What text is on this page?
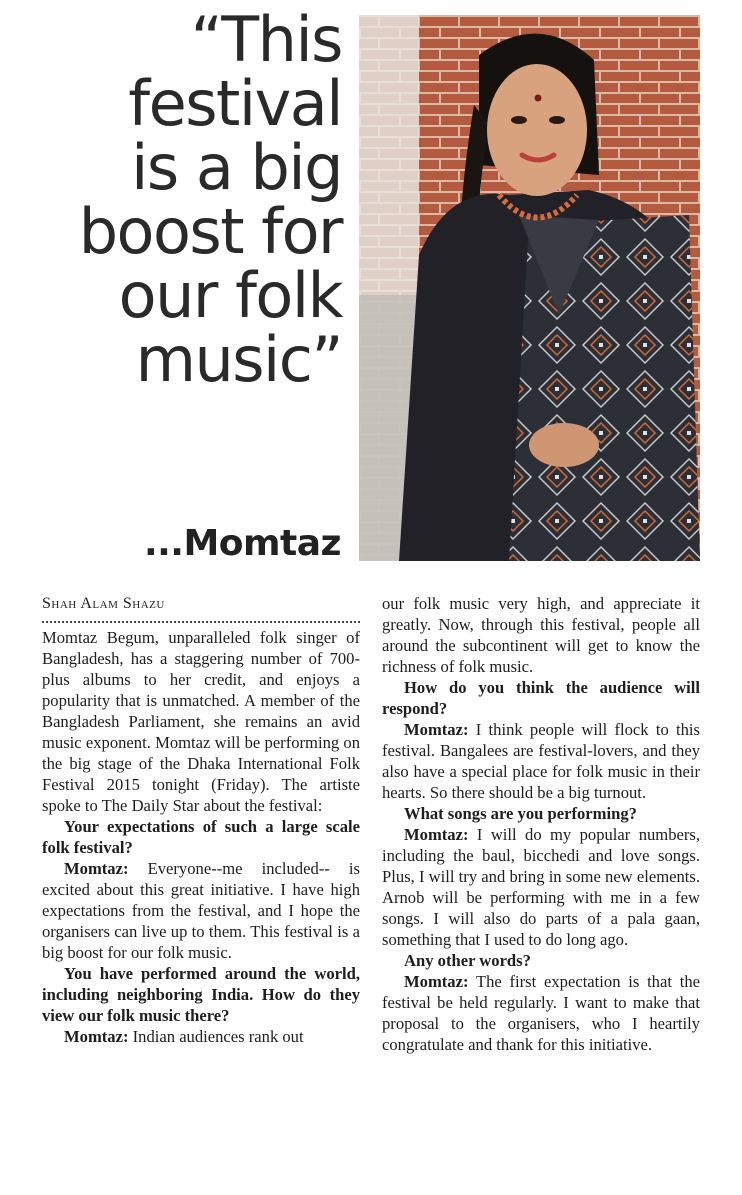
“This
festival
is a big
boost for
our folk
music”
...Momtaz
Shah Alam Shazu

Momtaz Begum, unparalleled folk singer of Bangladesh, has a staggering number of 700-plus albums to her credit, and enjoys a popularity that is unmatched. A member of the Bangladesh Parliament, she remains an avid music exponent. Momtaz will be performing on the big stage of the Dhaka International Folk Festival 2015 tonight (Friday). The artiste spoke to The Daily Star about the festival:

Your expectations of such a large scale folk festival?

Momtaz: Everyone--me included-- is excited about this great initiative. I have high expectations from the festival, and I hope the organisers can live up to them. This festival is a big boost for our folk music.

You have performed around the world, including neighboring India. How do they view our folk music there?

Momtaz: Indian audiences rank out

our folk music very high, and appreciate it greatly. Now, through this festival, people all around the subcontinent will get to know the richness of folk music.

How do you think the audience will respond?

Momtaz: I think people will flock to this festival. Bangalees are festival-lovers, and they also have a special place for folk music in their hearts. So there should be a big turnout.

What songs are you performing?

Momtaz: I will do my popular numbers, including the baul, bicchedi and love songs. Plus, I will try and bring in some new elements. Arnob will be performing with me in a few songs. I will also do parts of a pala gaan, something that I used to do long ago.

Any other words?

Momtaz: The first expectation is that the festival be held regularly. I want to make that proposal to the organisers, who I heartily congratulate and thank for this initiative.
